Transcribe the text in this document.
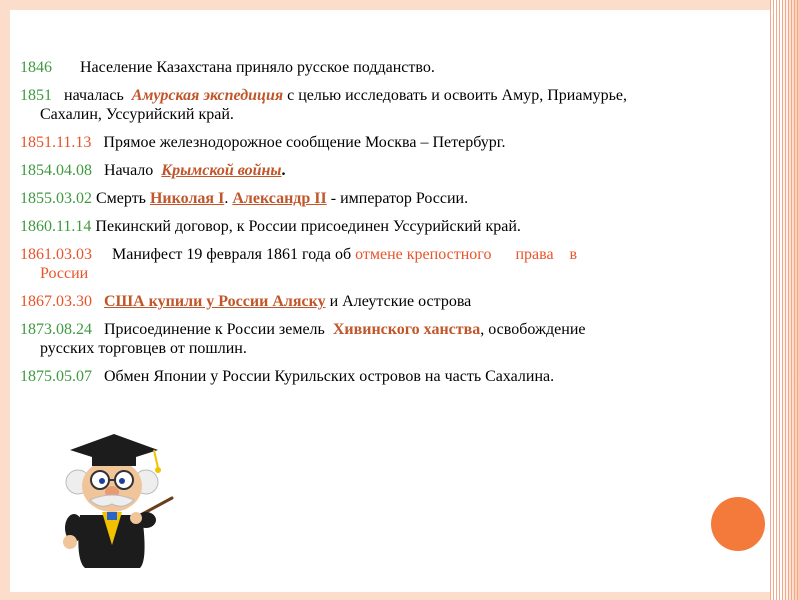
1846 Население Казахстана приняло русское подданство.
1851 началась Амурская экспедиция с целью исследовать и освоить Амур, Приамурье,
Сахалин, Уссурийский край.
1851.11.13 Прямое железнодорожное сообщение Москва – Петербург.
1854.04.08 Начало Крымской войны.
1855.03.02 Смерть Николая I. Александр II - император России.
1860.11.14 Пекинский договор, к России присоединен Уссурийский край.
1861.03.03 Манифест 19 февраля 1861 года об отмене крепостного права в
России
1867.03.30 США купили у России Аляску и Алеутские острова
1873.08.24 Присоединение к России земель Хивинского ханства, освобождение
русских торговцев от пошлин.
1875.05.07 Обмен Японии у России Курильских островов на часть Сахалина.
